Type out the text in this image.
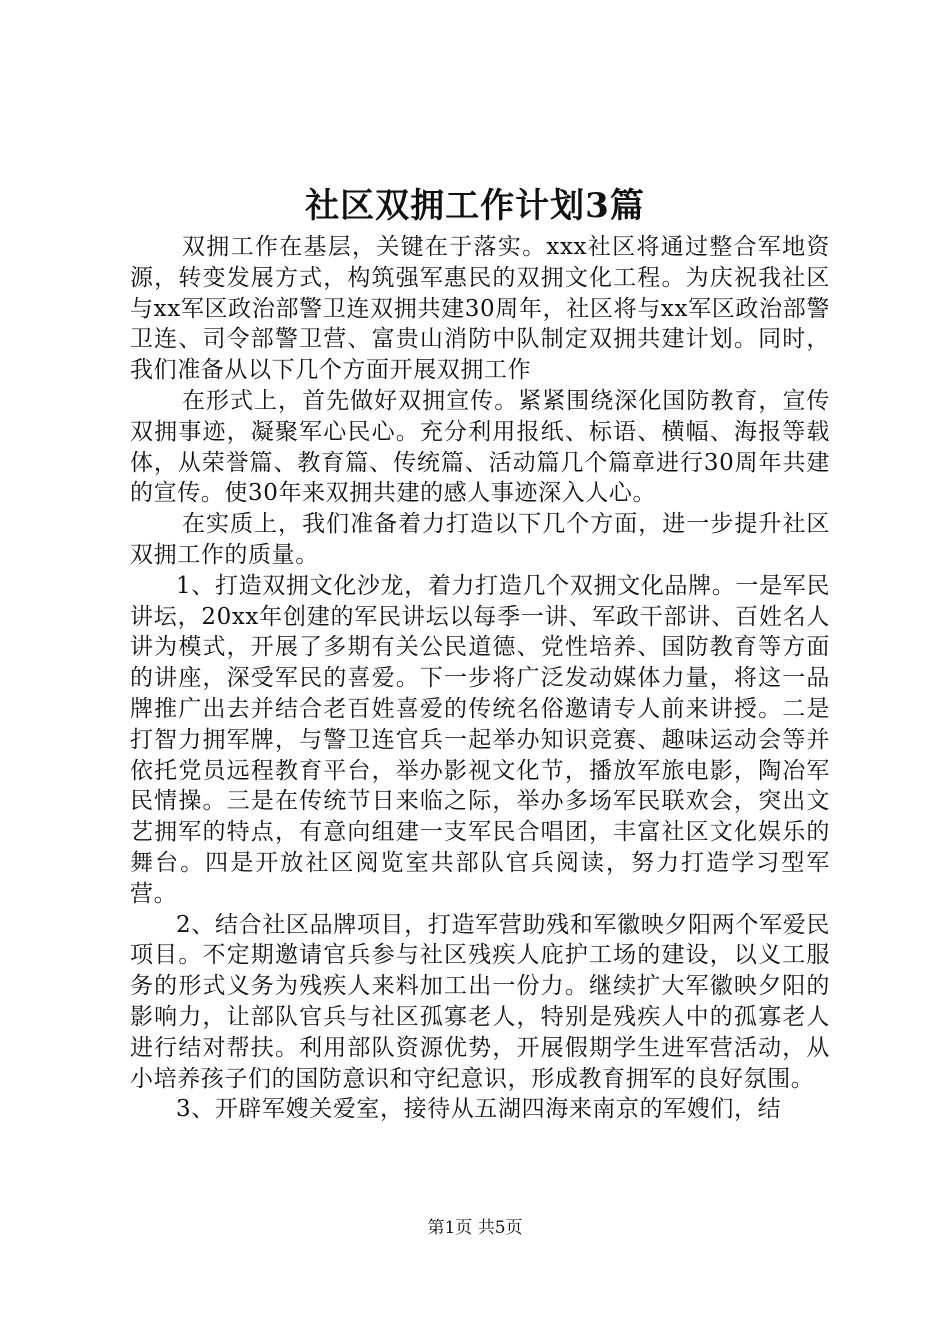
社区双拥工作计划3篇

双拥工作在基层，关键在于落实。xxx社区将通过整合军地资源，转变发展方式，构筑强军惠民的双拥文化工程。为庆祝我社区与xx军区政治部警卫连双拥共建30周年，社区将与xx军区政治部警卫连、司令部警卫营、富贵山消防中队制定双拥共建计划。同时，我们准备从以下几个方面开展双拥工作

在形式上，首先做好双拥宣传。紧紧围绕深化国防教育，宣传双拥事迹，凝聚军心民心。充分利用报纸、标语、横幅、海报等载体，从荣誉篇、教育篇、传统篇、活动篇几个篇章进行30周年共建的宣传。使30年来双拥共建的感人事迹深入人心。

在实质上，我们准备着力打造以下几个方面，进一步提升社区双拥工作的质量。

1、打造双拥文化沙龙，着力打造几个双拥文化品牌。一是军民讲坛，20xx年创建的军民讲坛以每季一讲、军政干部讲、百姓名人讲为模式，开展了多期有关公民道德、党性培养、国防教育等方面的讲座，深受军民的喜爱。下一步将广泛发动媒体力量，将这一品牌推广出去并结合老百姓喜爱的传统名俗邀请专人前来讲授。二是打智力拥军牌，与警卫连官兵一起举办知识竞赛、趣味运动会等并依托党员远程教育平台，举办影视文化节，播放军旅电影，陶冶军民情操。三是在传统节日来临之际，举办多场军民联欢会，突出文艺拥军的特点，有意向组建一支军民合唱团，丰富社区文化娱乐的舞台。四是开放社区阅览室共部队官兵阅读，努力打造学习型军营。

2、结合社区品牌项目，打造军营助残和军徽映夕阳两个军爱民项目。不定期邀请官兵参与社区残疾人庇护工场的建设，以义工服务的形式义务为残疾人来料加工出一份力。继续扩大军徽映夕阳的影响力，让部队官兵与社区孤寡老人，特别是残疾人中的孤寡老人进行结对帮扶。利用部队资源优势，开展假期学生进军营活动，从小培养孩子们的国防意识和守纪意识，形成教育拥军的良好氛围。

3、开辟军嫂关爱室，接待从五湖四海来南京的军嫂们，结

第1页 共5页
